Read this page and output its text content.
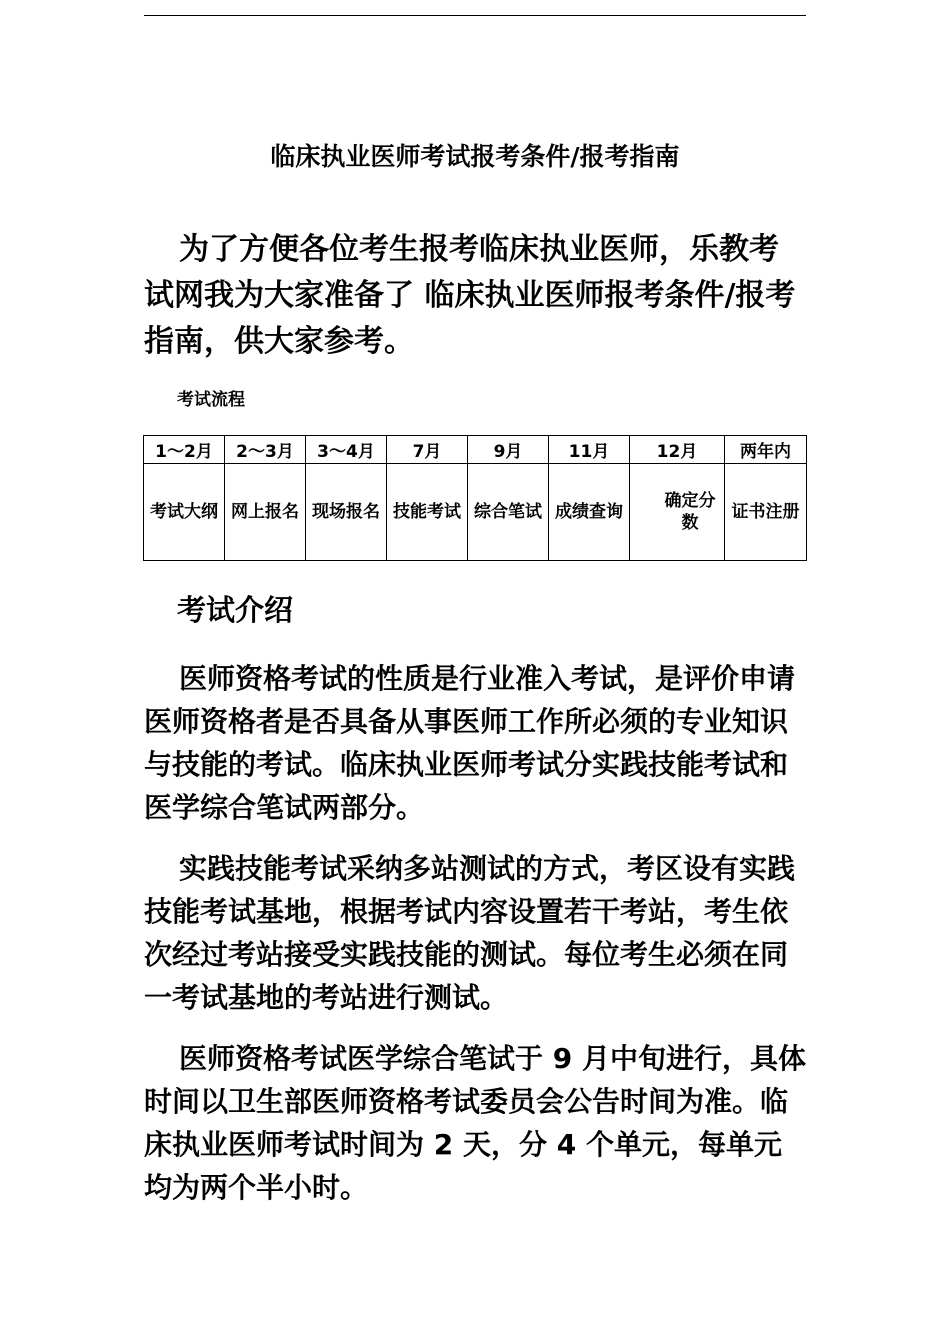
临床执业医师考试报考条件/报考指南

为了方便各位考生报考临床执业医师，乐教考试网我为大家准备了 临床执业医师报考条件/报考指南，供大家参考。

考试流程
1～2月	2～3月	3～4月	7月	9月	11月	12月	两年内
考试大纲	网上报名	现场报名	技能考试	综合笔试	成绩查询	确定分数	证书注册
考试介绍

医师资格考试的性质是行业准入考试，是评价申请医师资格者是否具备从事医师工作所必须的专业知识与技能的考试。临床执业医师考试分实践技能考试和医学综合笔试两部分。

实践技能考试采纳多站测试的方式，考区设有实践技能考试基地，根据考试内容设置若干考站，考生依次经过考站接受实践技能的测试。每位考生必须在同一考试基地的考站进行测试。

医师资格考试医学综合笔试于 9 月中旬进行，具体时间以卫生部医师资格考试委员会公告时间为准。临床执业医师考试时间为 2 天，分 4 个单元，每单元均为两个半小时。
